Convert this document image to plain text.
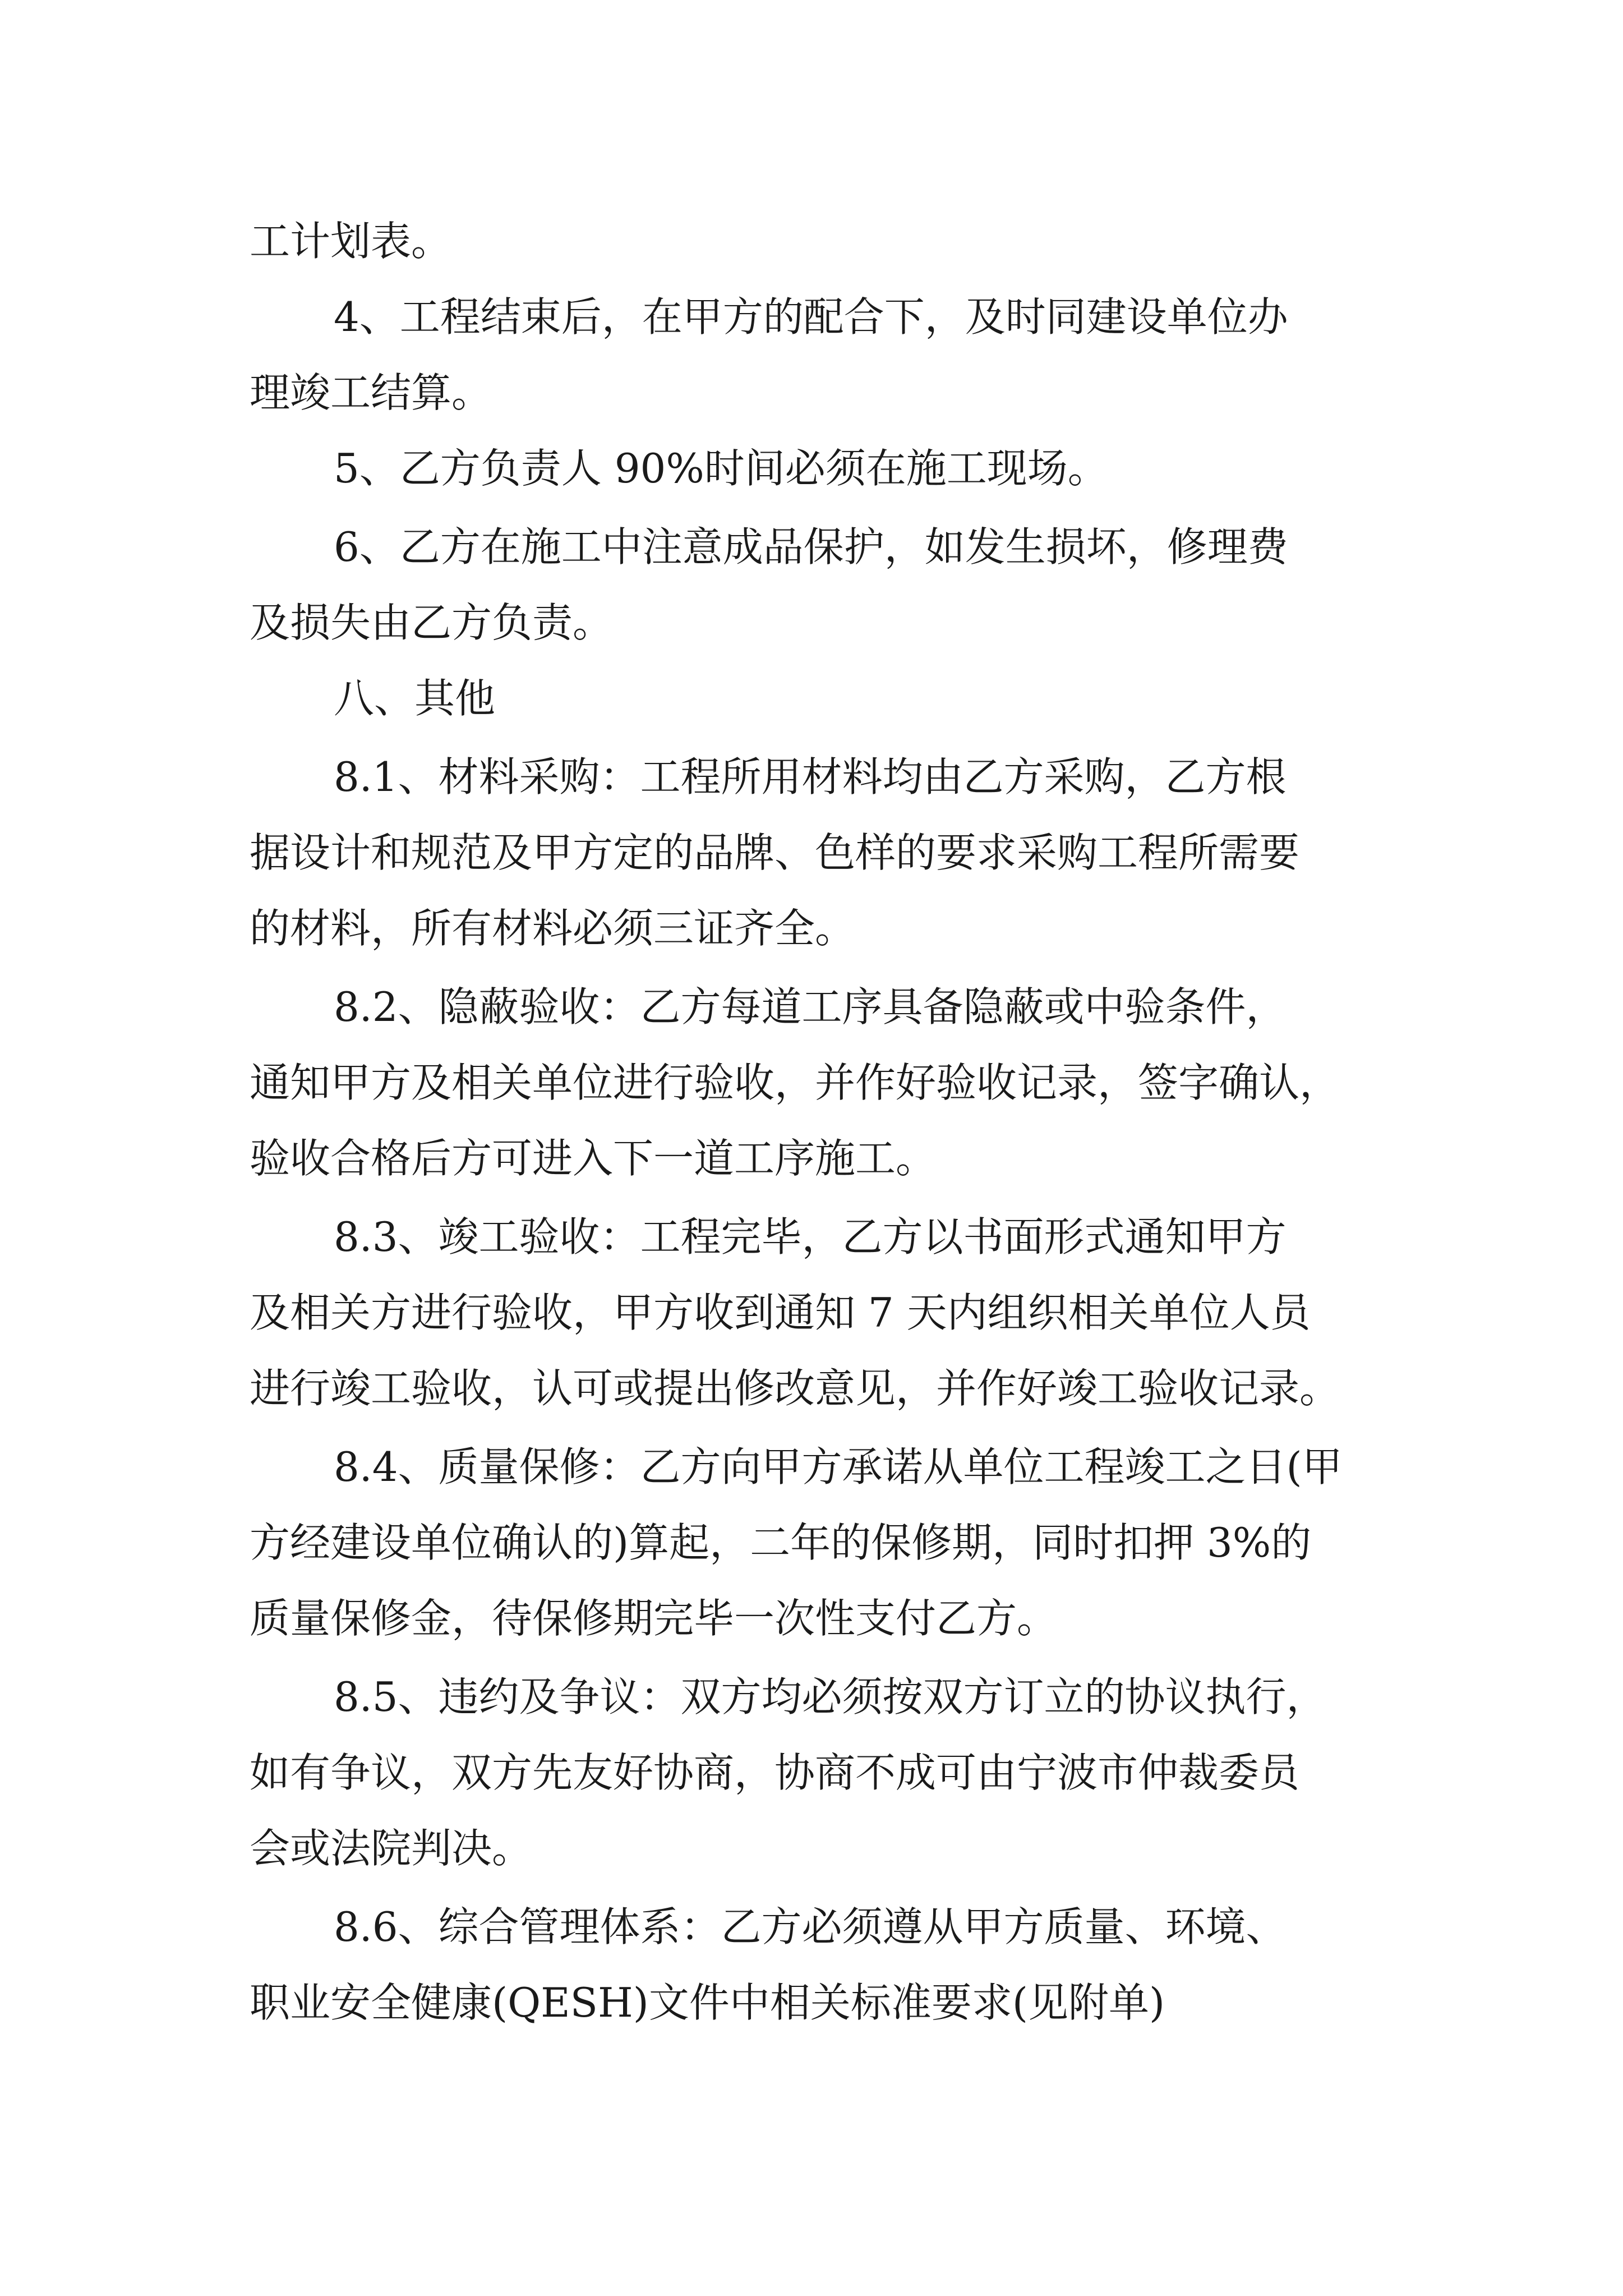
工计划表。
4、工程结束后，在甲方的配合下，及时同建设单位办
理竣工结算。
5、乙方负责人 90%时间必须在施工现场。
6、乙方在施工中注意成品保护，如发生损坏，修理费
及损失由乙方负责。
八、其他
8.1、材料采购：工程所用材料均由乙方采购，乙方根
据设计和规范及甲方定的品牌、色样的要求采购工程所需要
的材料，所有材料必须三证齐全。
8.2、隐蔽验收：乙方每道工序具备隐蔽或中验条件，
通知甲方及相关单位进行验收，并作好验收记录，签字确认，
验收合格后方可进入下一道工序施工。
8.3、竣工验收：工程完毕，乙方以书面形式通知甲方
及相关方进行验收，甲方收到通知 7 天内组织相关单位人员
进行竣工验收，认可或提出修改意见，并作好竣工验收记录。
8.4、质量保修：乙方向甲方承诺从单位工程竣工之日(甲
方经建设单位确认的)算起，二年的保修期，同时扣押 3%的
质量保修金，待保修期完毕一次性支付乙方。
8.5、违约及争议：双方均必须按双方订立的协议执行，
如有争议，双方先友好协商，协商不成可由宁波市仲裁委员
会或法院判决。
8.6、综合管理体系：乙方必须遵从甲方质量、环境、
职业安全健康(QESH)文件中相关标准要求(见附单)
